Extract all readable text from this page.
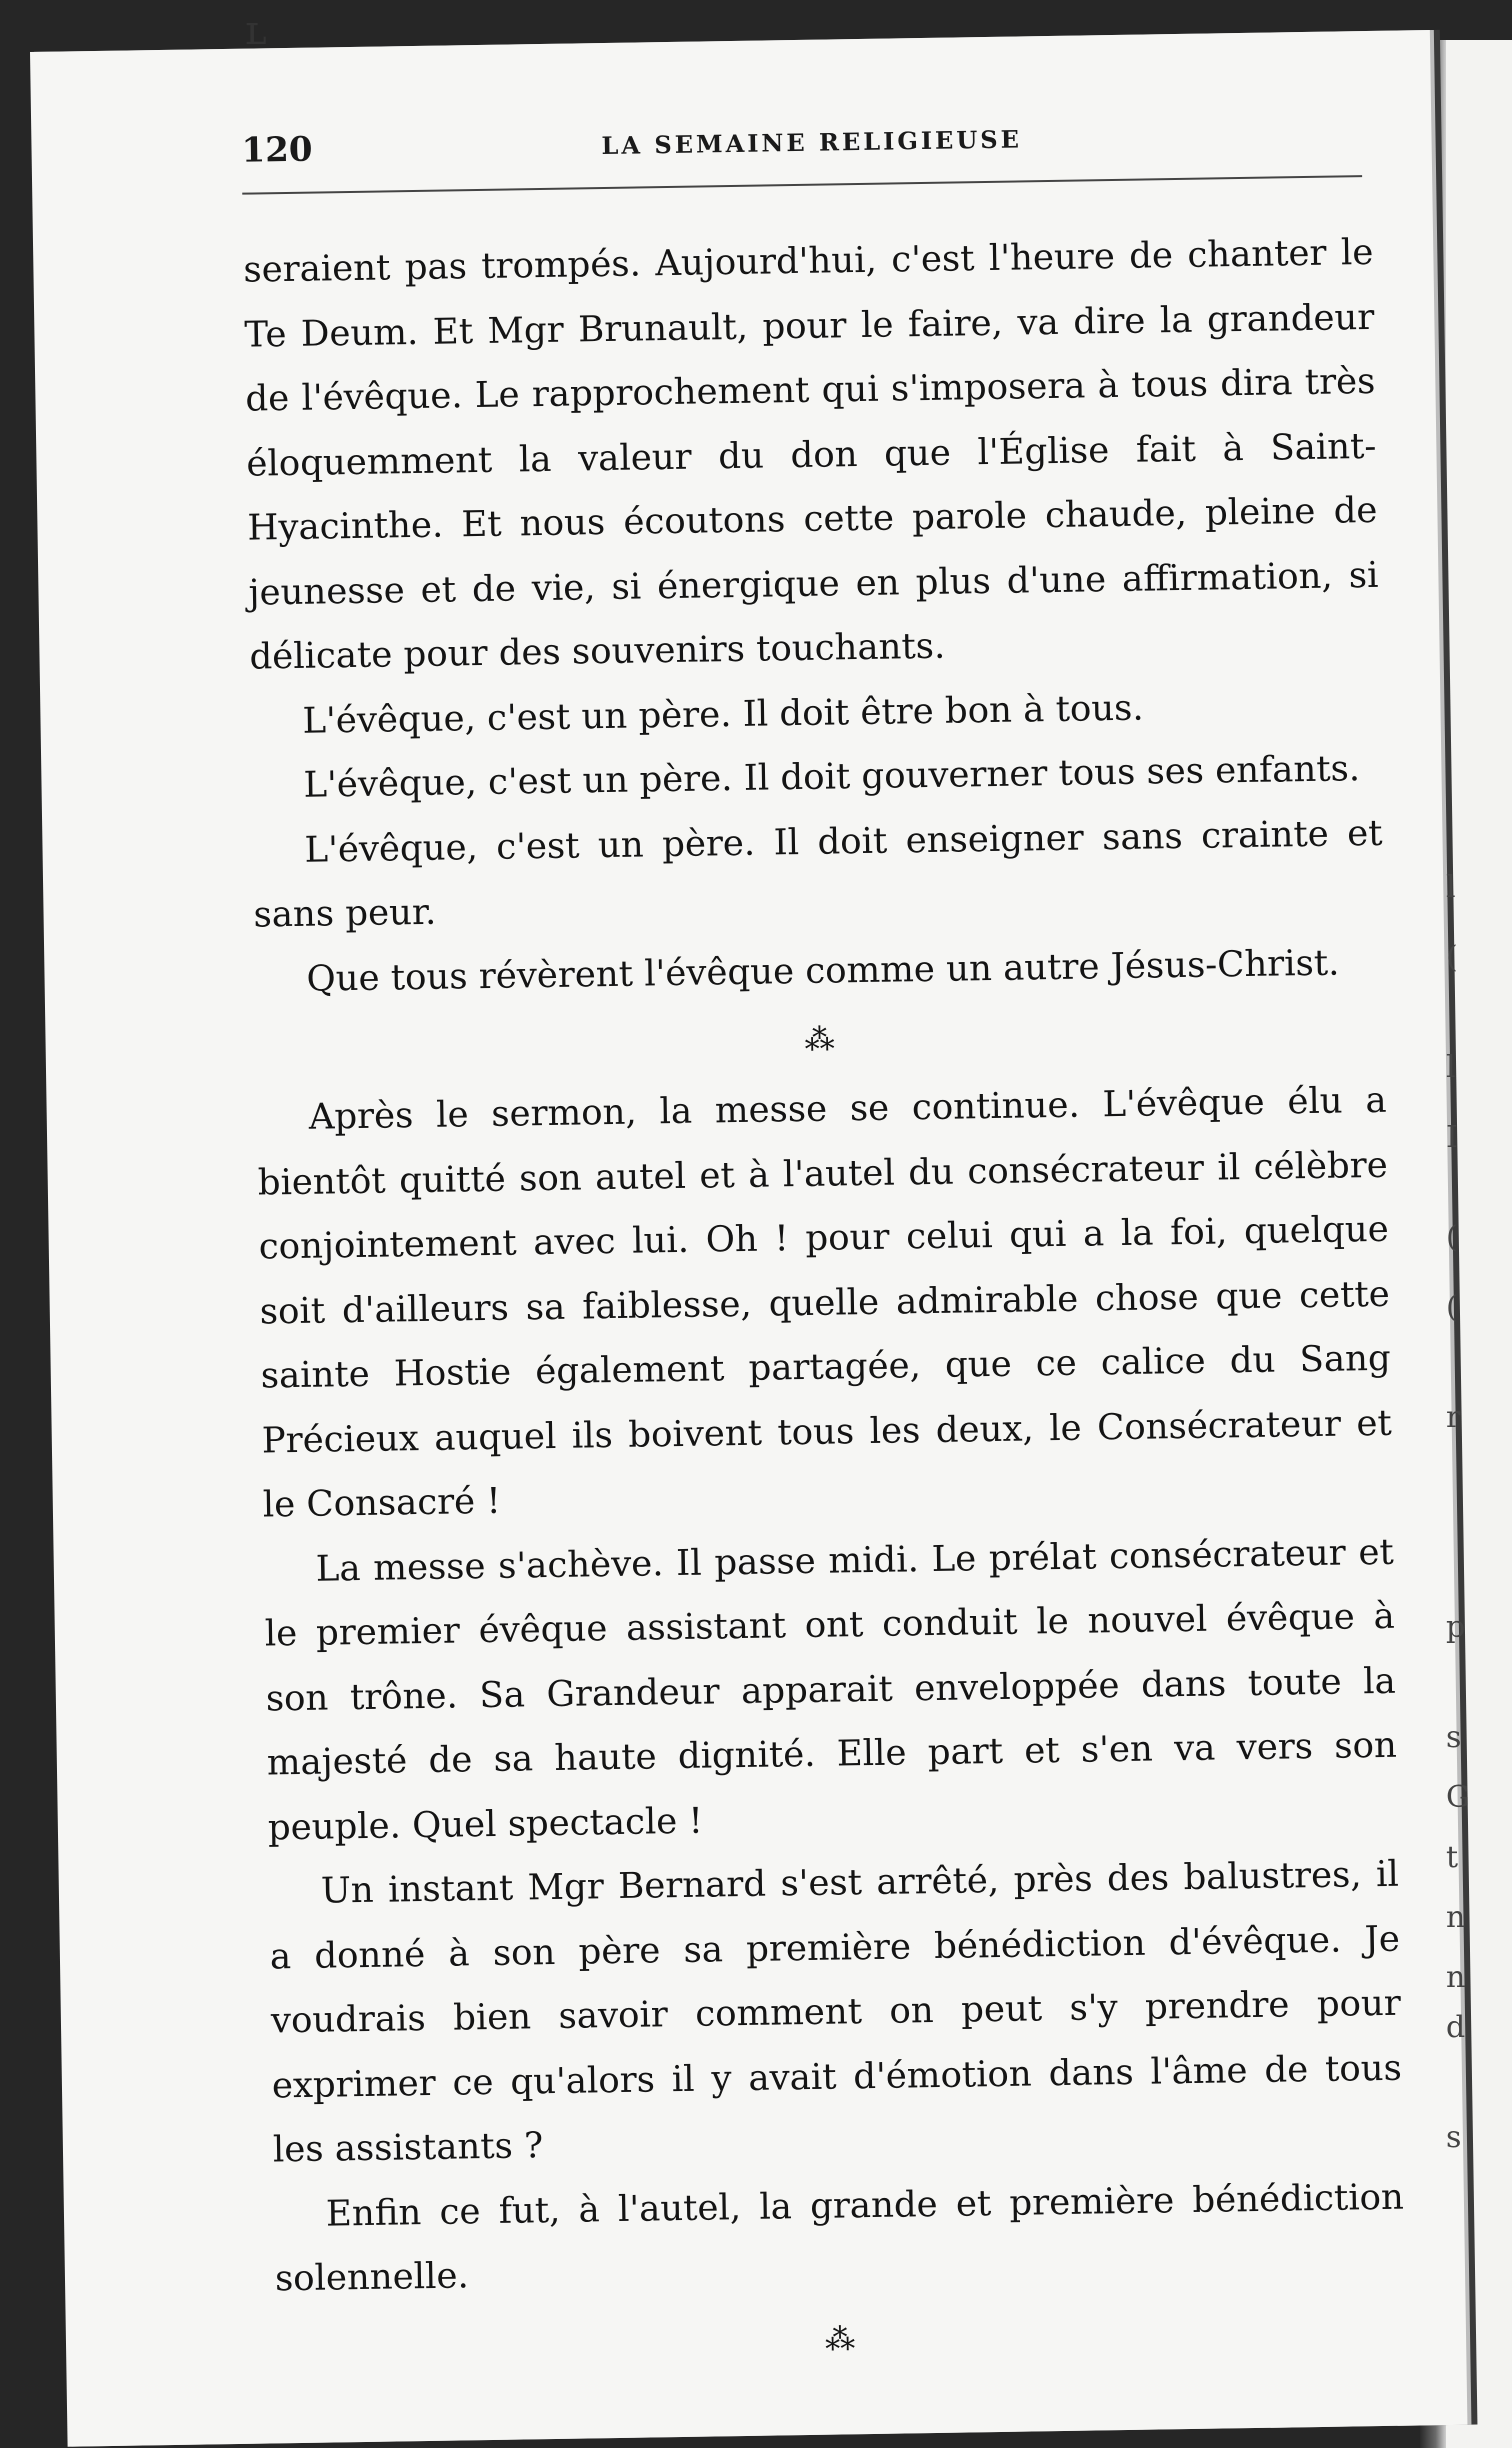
120	LA SEMAINE RELIGIEUSE

seraient pas trompés. Aujourd'hui, c'est l'heure de chanter le Te Deum. Et Mgr Brunault, pour le faire, va dire la grandeur de l'évêque. Le rapprochement qui s'imposera à tous dira très éloquemment la valeur du don que l'Église fait à Saint-Hyacinthe. Et nous écoutons cette parole chaude, pleine de jeunesse et de vie, si énergique en plus d'une affirmation, si délicate pour des souvenirs touchants.

L'évêque, c'est un père. Il doit être bon à tous.

L'évêque, c'est un père. Il doit gouverner tous ses enfants.

L'évêque, c'est un père. Il doit enseigner sans crainte et sans peur.

Que tous révèrent l'évêque comme un autre Jésus-Christ.

⁂

Après le sermon, la messe se continue. L'évêque élu a bientôt quitté son autel et à l'autel du consécrateur il célèbre conjointement avec lui. Oh ! pour celui qui a la foi, quelque soit d'ailleurs sa faiblesse, quelle admirable chose que cette sainte Hostie également partagée, que ce calice du Sang Précieux auquel ils boivent tous les deux, le Consécrateur et le Consacré !

La messe s'achève. Il passe midi. Le prélat consécrateur et le premier évêque assistant ont conduit le nouvel évêque à son trône. Sa Grandeur apparait enveloppée dans toute la majesté de sa haute dignité. Elle part et s'en va vers son peuple. Quel spectacle !

Un instant Mgr Bernard s'est arrêté, près des balustres, il a donné à son père sa première bénédiction d'évêque. Je voudrais bien savoir comment on peut s'y prendre pour exprimer ce qu'alors il y avait d'émotion dans l'âme de tous les assistants ?

Enfin ce fut, à l'autel, la grande et première bénédiction solennelle.

⁂

ʟ
l
(
l
I
(
(
r
p
s
G
t
n
n
d
s
